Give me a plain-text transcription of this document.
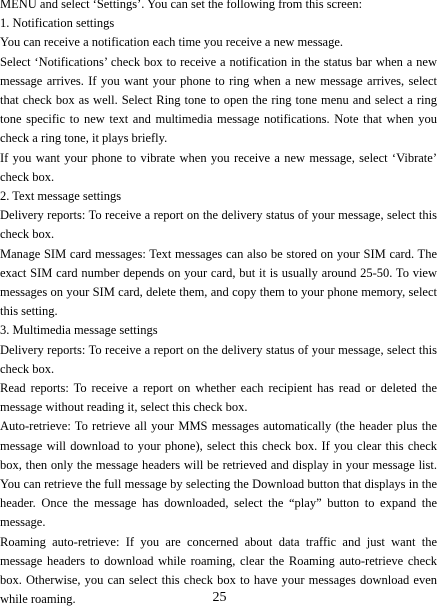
MENU and select ‘Settings’. You can set the following from this screen:

1. Notification settings

You can receive a notification each time you receive a new message.

Select ‘Notifications’ check box to receive a notification in the status bar when a new message arrives. If you want your phone to ring when a new message arrives, select that check box as well. Select Ring tone to open the ring tone menu and select a ring tone specific to new text and multimedia message notifications. Note that when you check a ring tone, it plays briefly.

If you want your phone to vibrate when you receive a new message, select ‘Vibrate’ check box.

2. Text message settings

Delivery reports: To receive a report on the delivery status of your message, select this check box.

Manage SIM card messages: Text messages can also be stored on your SIM card. The exact SIM card number depends on your card, but it is usually around 25-50. To view messages on your SIM card, delete them, and copy them to your phone memory, select this setting.

3. Multimedia message settings

Delivery reports: To receive a report on the delivery status of your message, select this check box.

Read reports: To receive a report on whether each recipient has read or deleted the message without reading it, select this check box.

Auto-retrieve: To retrieve all your MMS messages automatically (the header plus the message will download to your phone), select this check box. If you clear this check box, then only the message headers will be retrieved and display in your message list. You can retrieve the full message by selecting the Download button that displays in the header. Once the message has downloaded, select the “play” button to expand the message.

Roaming auto-retrieve: If you are concerned about data traffic and just want the message headers to download while roaming, clear the Roaming auto-retrieve check box. Otherwise, you can select this check box to have your messages download even while roaming.	25
